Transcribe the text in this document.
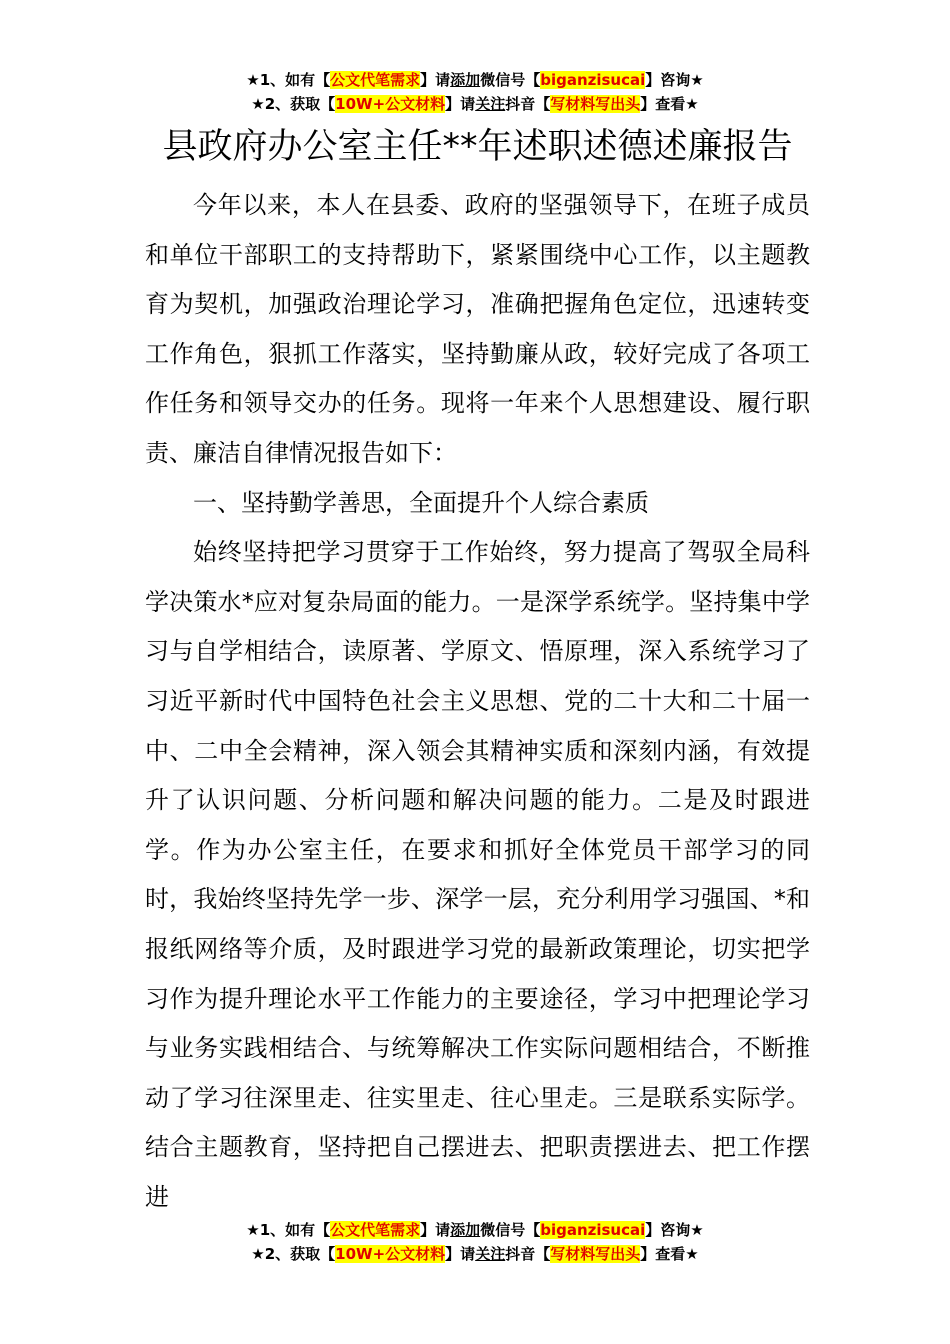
★1、如有【公文代笔需求】请添加微信号【biganzisucai】咨询★
★2、获取【10W+公文材料】请关注抖音【写材料写出头】查看★
县政府办公室主任**年述职述德述廉报告

今年以来，本人在县委、政府的坚强领导下，在班子成员和单位干部职工的支持帮助下，紧紧围绕中心工作，以主题教育为契机，加强政治理论学习，准确把握角色定位，迅速转变工作角色，狠抓工作落实，坚持勤廉从政，较好完成了各项工作任务和领导交办的任务。现将一年来个人思想建设、履行职责、廉洁自律情况报告如下：

一、坚持勤学善思，全面提升个人综合素质

始终坚持把学习贯穿于工作始终，努力提高了驾驭全局科学决策水*应对复杂局面的能力。一是深学系统学。坚持集中学习与自学相结合，读原著、学原文、悟原理，深入系统学习了习近平新时代中国特色社会主义思想、党的二十大和二十届一中、二中全会精神，深入领会其精神实质和深刻内涵，有效提升了认识问题、分析问题和解决问题的能力。二是及时跟进学。作为办公室主任，在要求和抓好全体党员干部学习的同时，我始终坚持先学一步、深学一层，充分利用学习强国、*和报纸网络等介质，及时跟进学习党的最新政策理论，切实把学习作为提升理论水平工作能力的主要途径，学习中把理论学习与业务实践相结合、与统筹解决工作实际问题相结合，不断推动了学习往深里走、往实里走、往心里走。三是联系实际学。结合主题教育，坚持把自己摆进去、把职责摆进去、把工作摆进

★1、如有【公文代笔需求】请添加微信号【biganzisucai】咨询★
★2、获取【10W+公文材料】请关注抖音【写材料写出头】查看★
